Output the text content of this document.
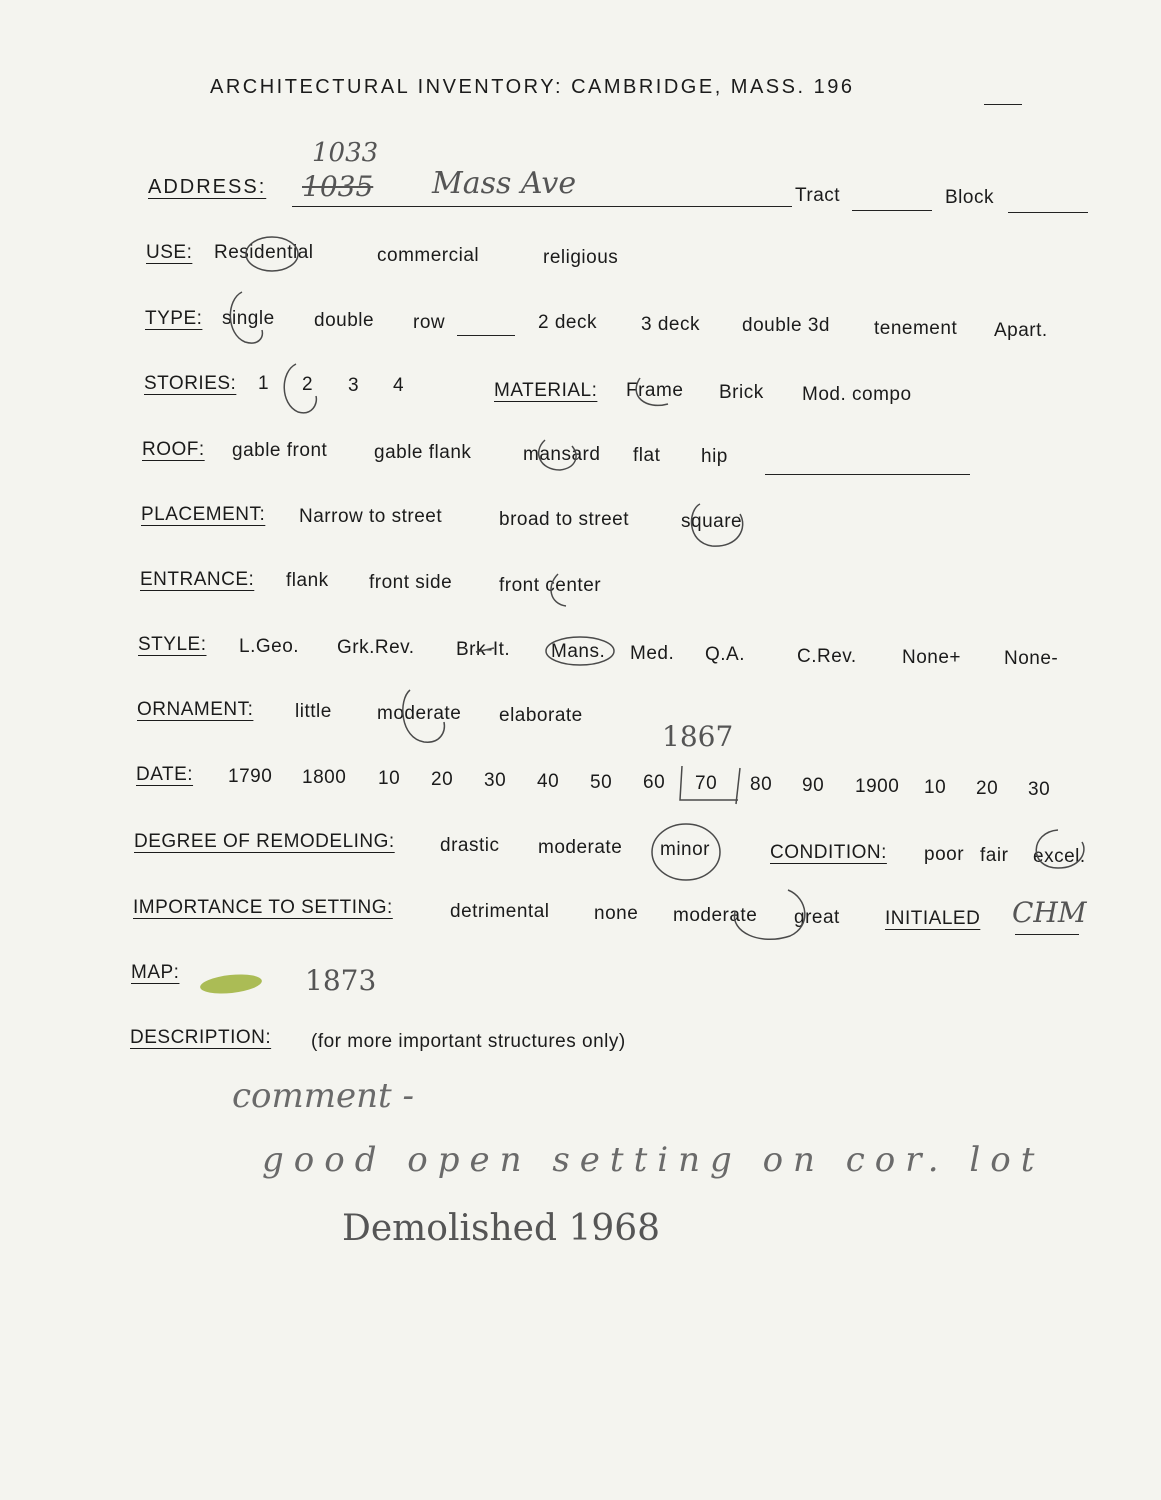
ARCHITECTURAL INVENTORY: CAMBRIDGE, MASS. 196
1033
ADDRESS: 1035 Mass Ave	Tract	Block
USE: Residential	commercial	religious
TYPE: single double row	2 deck 3 deck double 3d tenement Apart.
STORIES: 1 2 3 4	MATERIAL: Frame Brick Mod. compo
ROOF: gable front gable flank	mansard flat hip
PLACEMENT: Narrow to street	broad to street	square
ENTRANCE: flank front side front center
STYLE: L.Geo. Grk.Rev. Brk-It. Mans. Med. Q.A.	C.Rev. None+ None-
ORNAMENT: little moderate elaborate
1867
DATE: 1790 1800 10 20 30 40 50 60 70 80 90 1900 10 20 30
DEGREE OF REMODELING: drastic moderate minor	CONDITION: poor fair excel.
IMPORTANCE TO SETTING:	detrimental none moderate great INITIALED CHM
MAP:	1873
DESCRIPTION: (for more important structures only)
comment -
good open setting on cor. lot
Demolished 1968
